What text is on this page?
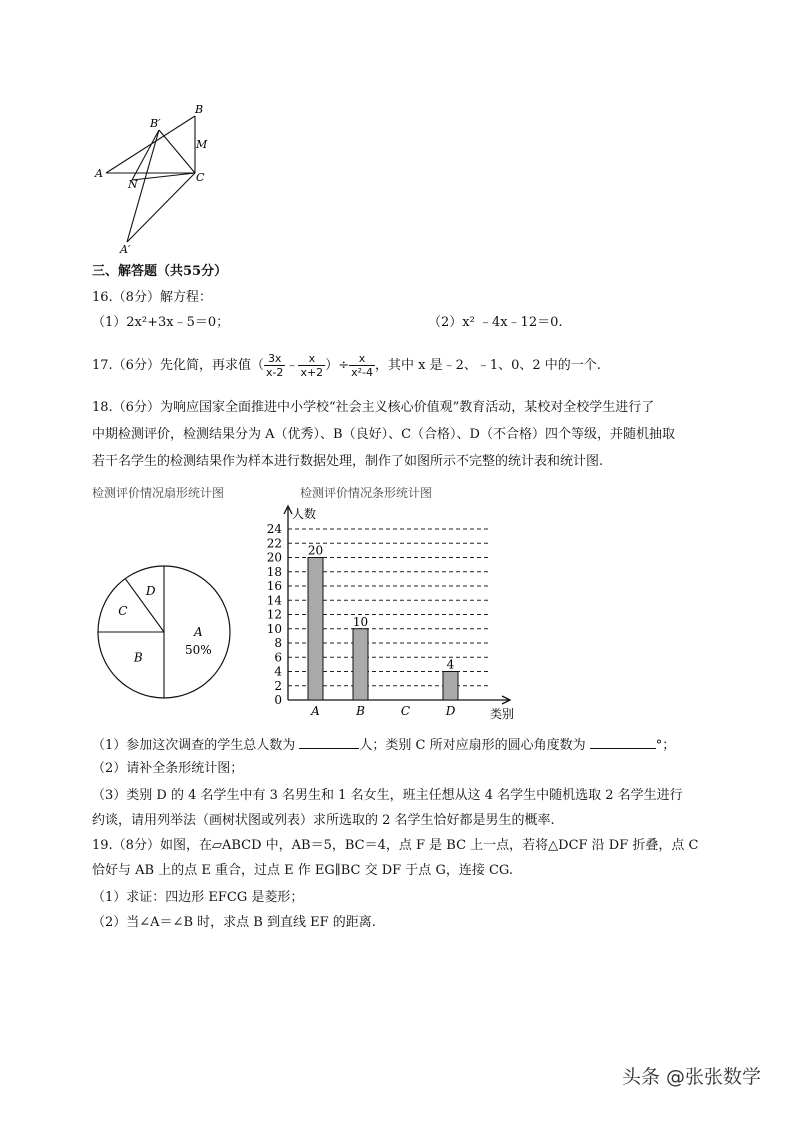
A
B
B′
M
C
N
A′
三、解答题（共55分）
16.（8分）解方程：
（1）2x²+3x﹣5＝0；	（2）x² ﹣4x﹣12＝0.
17.（6分）先化简，再求值（ $\frac{3x}{x-2}$ ﹣ $\frac{x}{x+2}$ ）÷ $\frac{x}{\text{x²-4}}$ ，其中 x 是﹣2、﹣1、0、2 中的一个.
18.（6分）为响应国家全面推进中小学校“社会主义核心价值观”教育活动，某校对全校学生进行了
中期检测评价，检测结果分为 A（优秀）、B（良好）、C（合格）、D（不合格）四个等级，并随机抽取
若干名学生的检测结果作为样本进行数据处理，制作了如图所示不完整的统计表和统计图.
检测评价情况扇形统计图
A
50%
B
C
D
检测评价情况条形统计图
0
2
4
6
8
10
12
14
16
18
20
22
24
人数
类别
20
A
10
B	C
4
D
（1）参加这次调查的学生总人数为	人；类别 C 所对应扇形的圆心角度数为	°；
（2）请补全条形统计图；
（3）类别 D 的 4 名学生中有 3 名男生和 1 名女生，班主任想从这 4 名学生中随机选取 2 名学生进行
约谈，请用列举法（画树状图或列表）求所选取的 2 名学生恰好都是男生的概率.
19.（8分）如图，在▱ABCD 中，AB＝5，BC＝4，点 F 是 BC 上一点，若将△DCF 沿 DF 折叠，点 C
恰好与 AB 上的点 E 重合，过点 E 作 EG∥BC 交 DF 于点 G，连接 CG.
（1）求证：四边形 EFCG 是菱形；
（2）当∠A＝∠B 时，求点 B 到直线 EF 的距离.
头条 @张张数学
